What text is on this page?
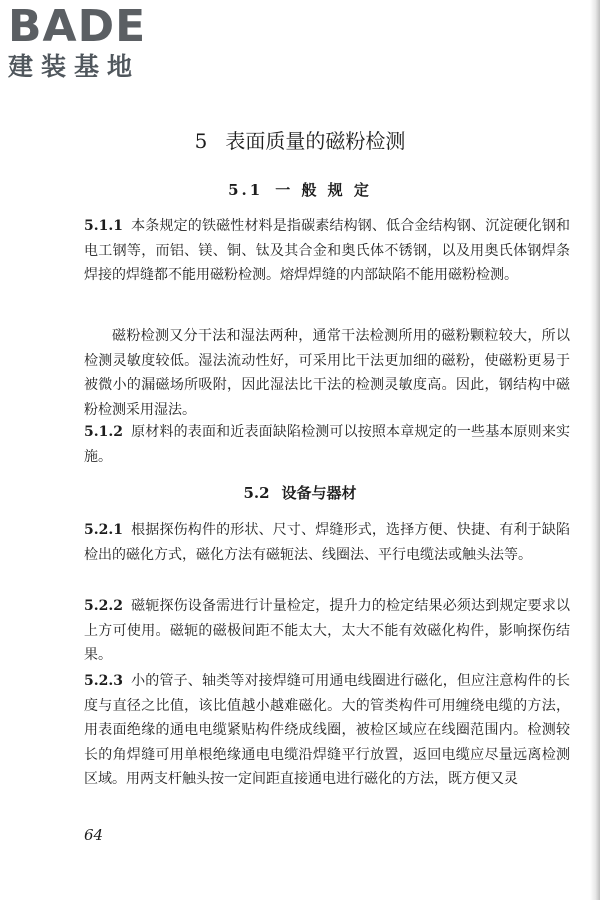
BADE
建装基地
5 表面质量的磁粉检测
5.1 一 般 规 定

5.1.1 本条规定的铁磁性材料是指碳素结构钢、低合金结构钢、沉淀硬化钢和电工钢等，而铝、镁、铜、钛及其合金和奥氏体不锈钢，以及用奥氏体钢焊条焊接的焊缝都不能用磁粉检测。熔焊焊缝的内部缺陷不能用磁粉检测。

磁粉检测又分干法和湿法两种，通常干法检测所用的磁粉颗粒较大，所以检测灵敏度较低。湿法流动性好，可采用比干法更加细的磁粉，使磁粉更易于被微小的漏磁场所吸附，因此湿法比干法的检测灵敏度高。因此，钢结构中磁粉检测采用湿法。

5.1.2 原材料的表面和近表面缺陷检测可以按照本章规定的一些基本原则来实施。

5.2 设备与器材

5.2.1 根据探伤构件的形状、尺寸、焊缝形式，选择方便、快捷、有利于缺陷检出的磁化方式，磁化方法有磁轭法、线圈法、平行电缆法或触头法等。

5.2.2 磁轭探伤设备需进行计量检定，提升力的检定结果必须达到规定要求以上方可使用。磁轭的磁极间距不能太大，太大不能有效磁化构件，影响探伤结果。

5.2.3 小的管子、轴类等对接焊缝可用通电线圈进行磁化，但应注意构件的长度与直径之比值，该比值越小越难磁化。大的管类构件可用缠绕电缆的方法，用表面绝缘的通电电缆紧贴构件绕成线圈，被检区域应在线圈范围内。检测较长的角焊缝可用单根绝缘通电电缆沿焊缝平行放置，返回电缆应尽量远离检测区域。用两支杆触头按一定间距直接通电进行磁化的方法，既方便又灵

64
